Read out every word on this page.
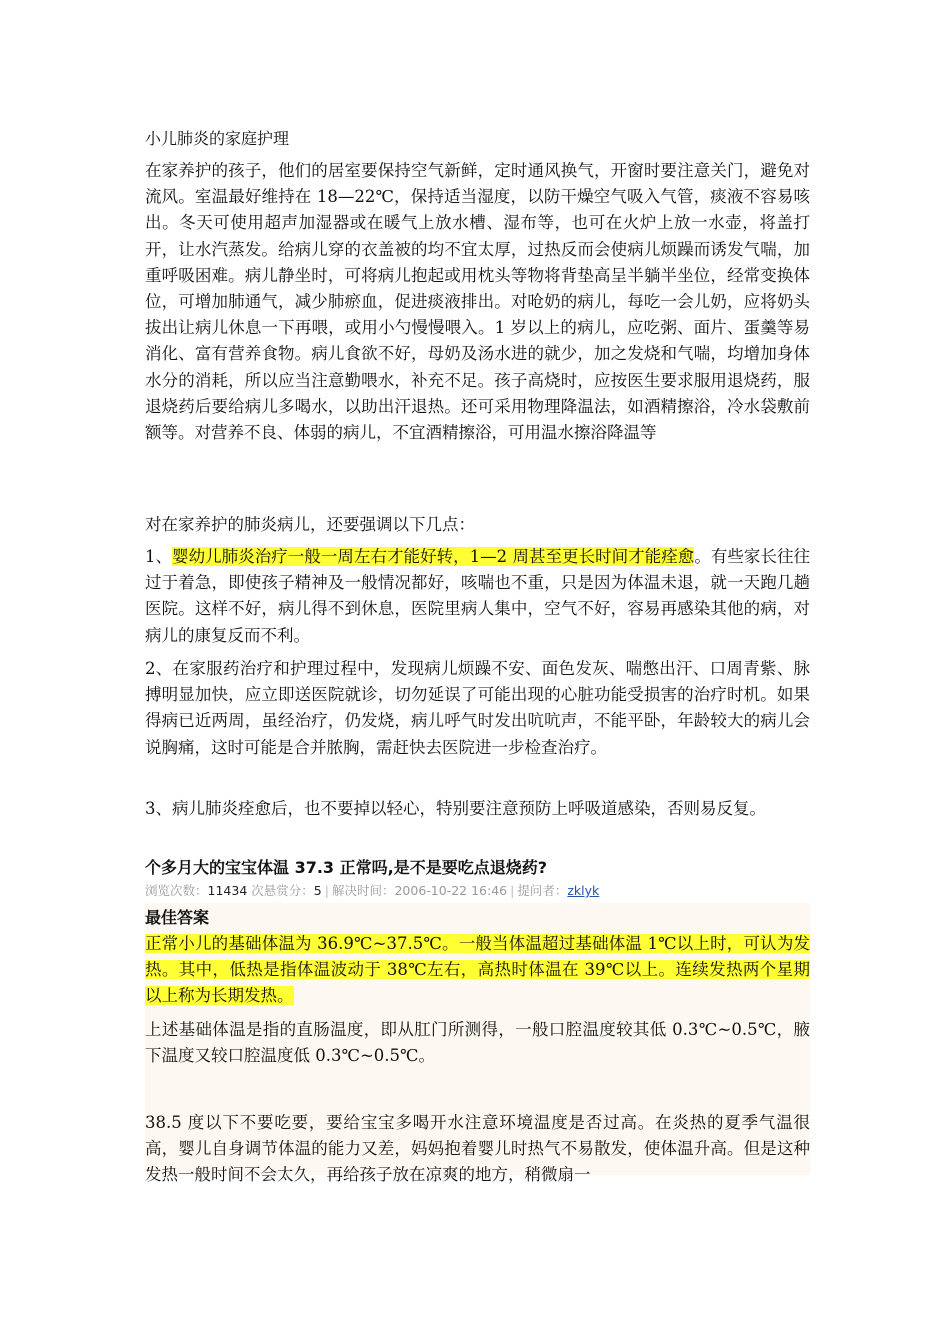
小儿肺炎的家庭护理
在家养护的孩子，他们的居室要保持空气新鲜，定时通风换气，开窗时要注意关门，避免对流风。室温最好维持在 18—22℃，保持适当湿度，以防干燥空气吸入气管，痰液不容易咳出。冬天可使用超声加湿器或在暖气上放水槽、湿布等，也可在火炉上放一水壶，将盖打开，让水汽蒸发。给病儿穿的衣盖被的均不宜太厚，过热反而会使病儿烦躁而诱发气喘，加重呼吸困难。病儿静坐时，可将病儿抱起或用枕头等物将背垫高呈半躺半坐位，经常变换体位，可增加肺通气，减少肺瘀血，促进痰液排出。对呛奶的病儿，每吃一会儿奶，应将奶头拔出让病儿休息一下再喂，或用小勺慢慢喂入。1 岁以上的病儿，应吃粥、面片、蛋羹等易消化、富有营养食物。病儿食欲不好，母奶及汤水进的就少，加之发烧和气喘，均增加身体水分的消耗，所以应当注意勤喂水，补充不足。孩子高烧时，应按医生要求服用退烧药，服退烧药后要给病儿多喝水，以助出汗退热。还可采用物理降温法，如酒精擦浴，冷水袋敷前额等。对营养不良、体弱的病儿，不宜酒精擦浴，可用温水擦浴降温等
对在家养护的肺炎病儿，还要强调以下几点：
1、婴幼儿肺炎治疗一般一周左右才能好转，1—2 周甚至更长时间才能痊愈。有些家长往往过于着急，即使孩子精神及一般情况都好，咳喘也不重，只是因为体温未退，就一天跑几趟医院。这样不好，病儿得不到休息，医院里病人集中，空气不好，容易再感染其他的病，对病儿的康复反而不利。
2、在家服药治疗和护理过程中，发现病儿烦躁不安、面色发灰、喘憋出汗、口周青紫、脉搏明显加快，应立即送医院就诊，切勿延误了可能出现的心脏功能受损害的治疗时机。如果得病已近两周，虽经治疗，仍发烧，病儿呼气时发出吭吭声，不能平卧，年龄较大的病儿会说胸痛，这时可能是合并脓胸，需赶快去医院进一步检查治疗。
3、病儿肺炎痊愈后，也不要掉以轻心，特别要注意预防上呼吸道感染，否则易反复。
个多月大的宝宝体温 37.3 正常吗,是不是要吃点退烧药?
浏览次数：11434 次悬赏分：5 | 解决时间：2006-10-22 16:46 | 提问者：zklyk
最佳答案
正常小儿的基础体温为 36.9℃~37.5℃。一般当体温超过基础体温 1℃以上时，可认为发热。其中，低热是指体温波动于 38℃左右，高热时体温在 39℃以上。连续发热两个星期以上称为长期发热。
上述基础体温是指的直肠温度，即从肛门所测得，一般口腔温度较其低 0.3℃~0.5℃，腋下温度又较口腔温度低 0.3℃~0.5℃。
38.5 度以下不要吃要，要给宝宝多喝开水注意环境温度是否过高。在炎热的夏季气温很高，婴儿自身调节体温的能力又差，妈妈抱着婴儿时热气不易散发，使体温升高。但是这种发热一般时间不会太久，再给孩子放在凉爽的地方，稍微扇一
